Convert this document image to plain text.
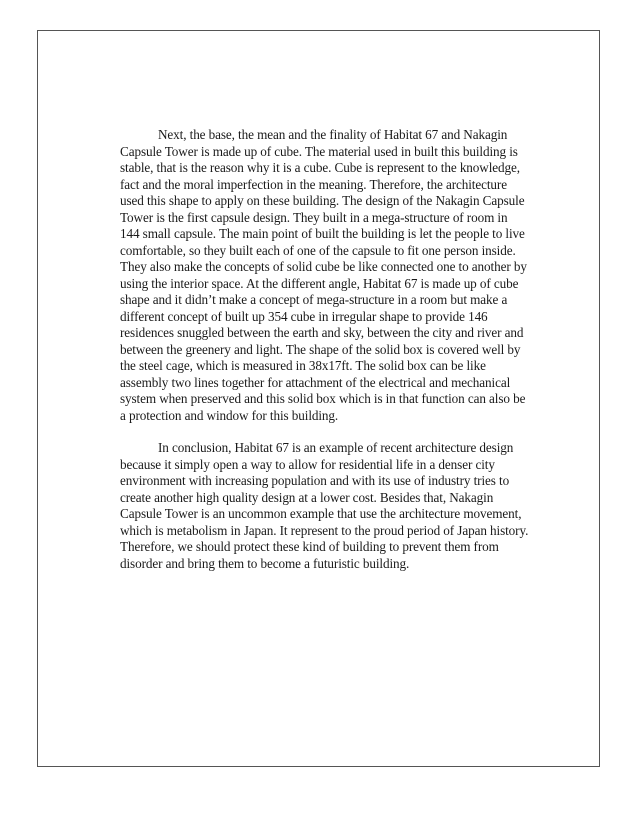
Next, the base, the mean and the finality of Habitat 67 and Nakagin Capsule Tower is made up of cube. The material used in built this building is stable, that is the reason why it is a cube. Cube is represent to the knowledge, fact and the moral imperfection in the meaning. Therefore, the architecture used this shape to apply on these building. The design of the Nakagin Capsule Tower is the first capsule design. They built in a mega-structure of room in 144 small capsule. The main point of built the building is let the people to live comfortable, so they built each of one of the capsule to fit one person inside. They also make the concepts of solid cube be like connected one to another by using the interior space. At the different angle, Habitat 67 is made up of cube shape and it didn’t make a concept of mega-structure in a room but make a different concept of built up 354 cube in irregular shape to provide 146 residences snuggled between the earth and sky, between the city and river and between the greenery and light. The shape of the solid box is covered well by the steel cage, which is measured in 38x17ft. The solid box can be like assembly two lines together for attachment of the electrical and mechanical system when preserved and this solid box which is in that function can also be a protection and window for this building.

In conclusion, Habitat 67 is an example of recent architecture design because it simply open a way to allow for residential life in a denser city environment with increasing population and with its use of industry tries to create another high quality design at a lower cost. Besides that, Nakagin Capsule Tower is an uncommon example that use the architecture movement, which is metabolism in Japan. It represent to the proud period of Japan history. Therefore, we should protect these kind of building to prevent them from disorder and bring them to become a futuristic building.
